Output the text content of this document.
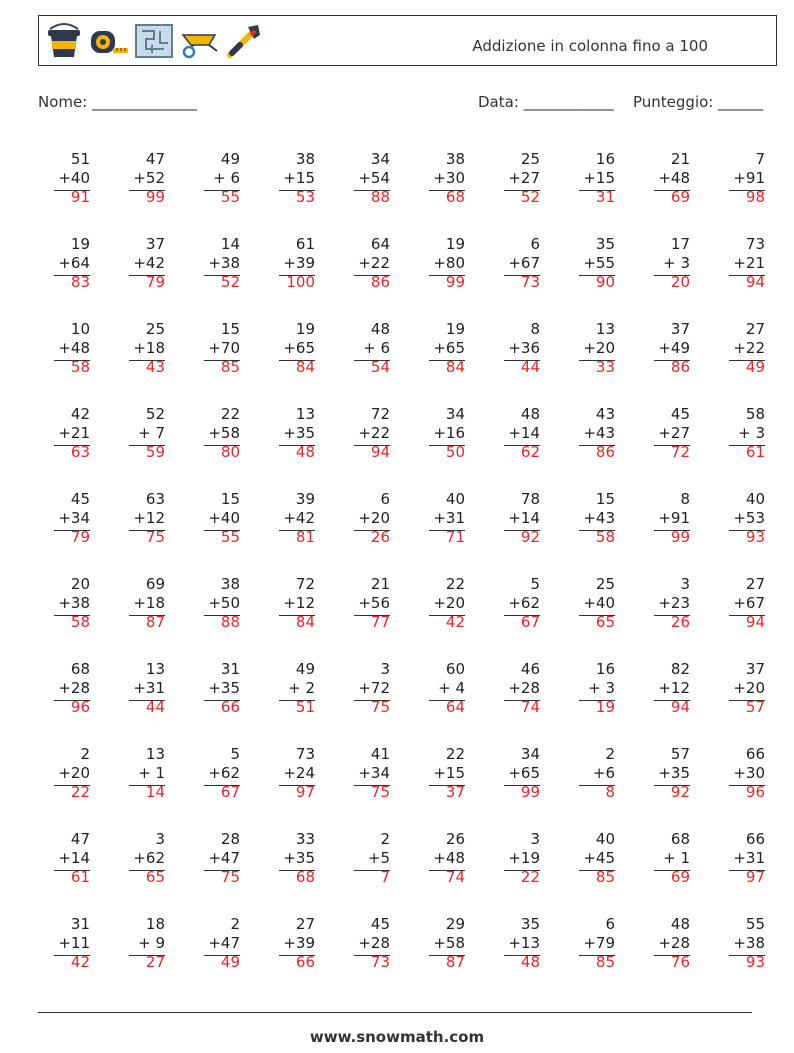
Addizione in colonna fino a 100
Nome: ______________	Data: ____________ Punteggio: ______
51
+40
91
47
+52
99
49
+ 6
55
38
+15
53
34
+54
88
38
+30
68
25
+27
52
16
+15
31
21
+48
69
7
+91
98
19
+64
83
37
+42
79
14
+38
52
61
+39
100
64
+22
86
19
+80
99
6
+67
73
35
+55
90
17
+ 3
20
73
+21
94
10
+48
58
25
+18
43
15
+70
85
19
+65
84
48
+ 6
54
19
+65
84
8
+36
44
13
+20
33
37
+49
86
27
+22
49
42
+21
63
52
+ 7
59
22
+58
80
13
+35
48
72
+22
94
34
+16
50
48
+14
62
43
+43
86
45
+27
72
58
+ 3
61
45
+34
79
63
+12
75
15
+40
55
39
+42
81
6
+20
26
40
+31
71
78
+14
92
15
+43
58
8
+91
99
40
+53
93
20
+38
58
69
+18
87
38
+50
88
72
+12
84
21
+56
77
22
+20
42
5
+62
67
25
+40
65
3
+23
26
27
+67
94
68
+28
96
13
+31
44
31
+35
66
49
+ 2
51
3
+72
75
60
+ 4
64
46
+28
74
16
+ 3
19
82
+12
94
37
+20
57
2
+20
22
13
+ 1
14
5
+62
67
73
+24
97
41
+34
75
22
+15
37
34
+65
99
2
+6
8
57
+35
92
66
+30
96
47
+14
61
3
+62
65
28
+47
75
33
+35
68
2
+5
7
26
+48
74
3
+19
22
40
+45
85
68
+ 1
69
66
+31
97
31
+11
42
18
+ 9
27
2
+47
49
27
+39
66
45
+28
73
29
+58
87
35
+13
48
6
+79
85
48
+28
76
55
+38
93
www.snowmath.com
